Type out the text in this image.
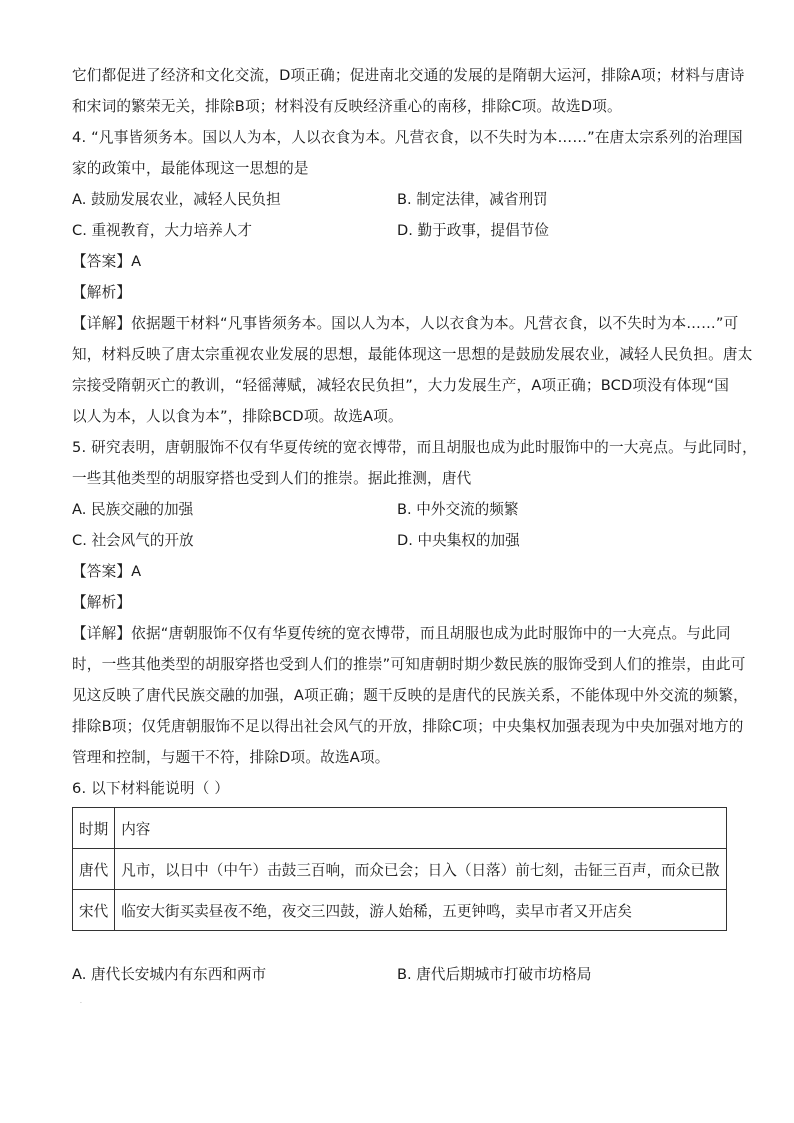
它们都促进了经济和文化交流，D项正确；促进南北交通的发展的是隋朝大运河，排除A项；材料与唐诗
和宋词的繁荣无关，排除B项；材料没有反映经济重心的南移，排除C项。故选D项。
4. “凡事皆须务本。国以人为本，人以衣食为本。凡营衣食，以不失时为本……”在唐太宗系列的治理国
家的政策中，最能体现这一思想的是
A. 鼓励发展农业，减轻人民负担	B. 制定法律，减省刑罚
C. 重视教育，大力培养人才	D. 勤于政事，提倡节俭
【答案】A
【解析】
【详解】依据题干材料“凡事皆须务本。国以人为本，人以衣食为本。凡营衣食，以不失时为本……”可
知，材料反映了唐太宗重视农业发展的思想，最能体现这一思想的是鼓励发展农业，减轻人民负担。唐太
宗接受隋朝灭亡的教训，“轻徭薄赋，减轻农民负担”，大力发展生产，A项正确；BCD项没有体现“国
以人为本，人以食为本”，排除BCD项。故选A项。
5. 研究表明，唐朝服饰不仅有华夏传统的宽衣博带，而且胡服也成为此时服饰中的一大亮点。与此同时，
一些其他类型的胡服穿搭也受到人们的推崇。据此推测，唐代
A. 民族交融的加强	B. 中外交流的频繁
C. 社会风气的开放	D. 中央集权的加强
【答案】A
【解析】
【详解】依据“唐朝服饰不仅有华夏传统的宽衣博带，而且胡服也成为此时服饰中的一大亮点。与此同
时，一些其他类型的胡服穿搭也受到人们的推崇”可知唐朝时期少数民族的服饰受到人们的推崇，由此可
见这反映了唐代民族交融的加强，A项正确；题干反映的是唐代的民族关系，不能体现中外交流的频繁，
排除B项；仅凭唐朝服饰不足以得出社会风气的开放，排除C项；中央集权加强表现为中央加强对地方的
管理和控制，与题干不符，排除D项。故选A项。
6. 以下材料能说明（ ）
时期	内容
唐代	凡市，以日中（中午）击鼓三百响，而众已会；日入（日落）前七刻，击钲三百声，而众已散
宋代	临安大街买卖昼夜不绝，夜交三四鼓，游人始稀，五更钟鸣，卖早市者又开店矣
A. 唐代长安城内有东西和两市	B. 唐代后期城市打破市坊格局
·
